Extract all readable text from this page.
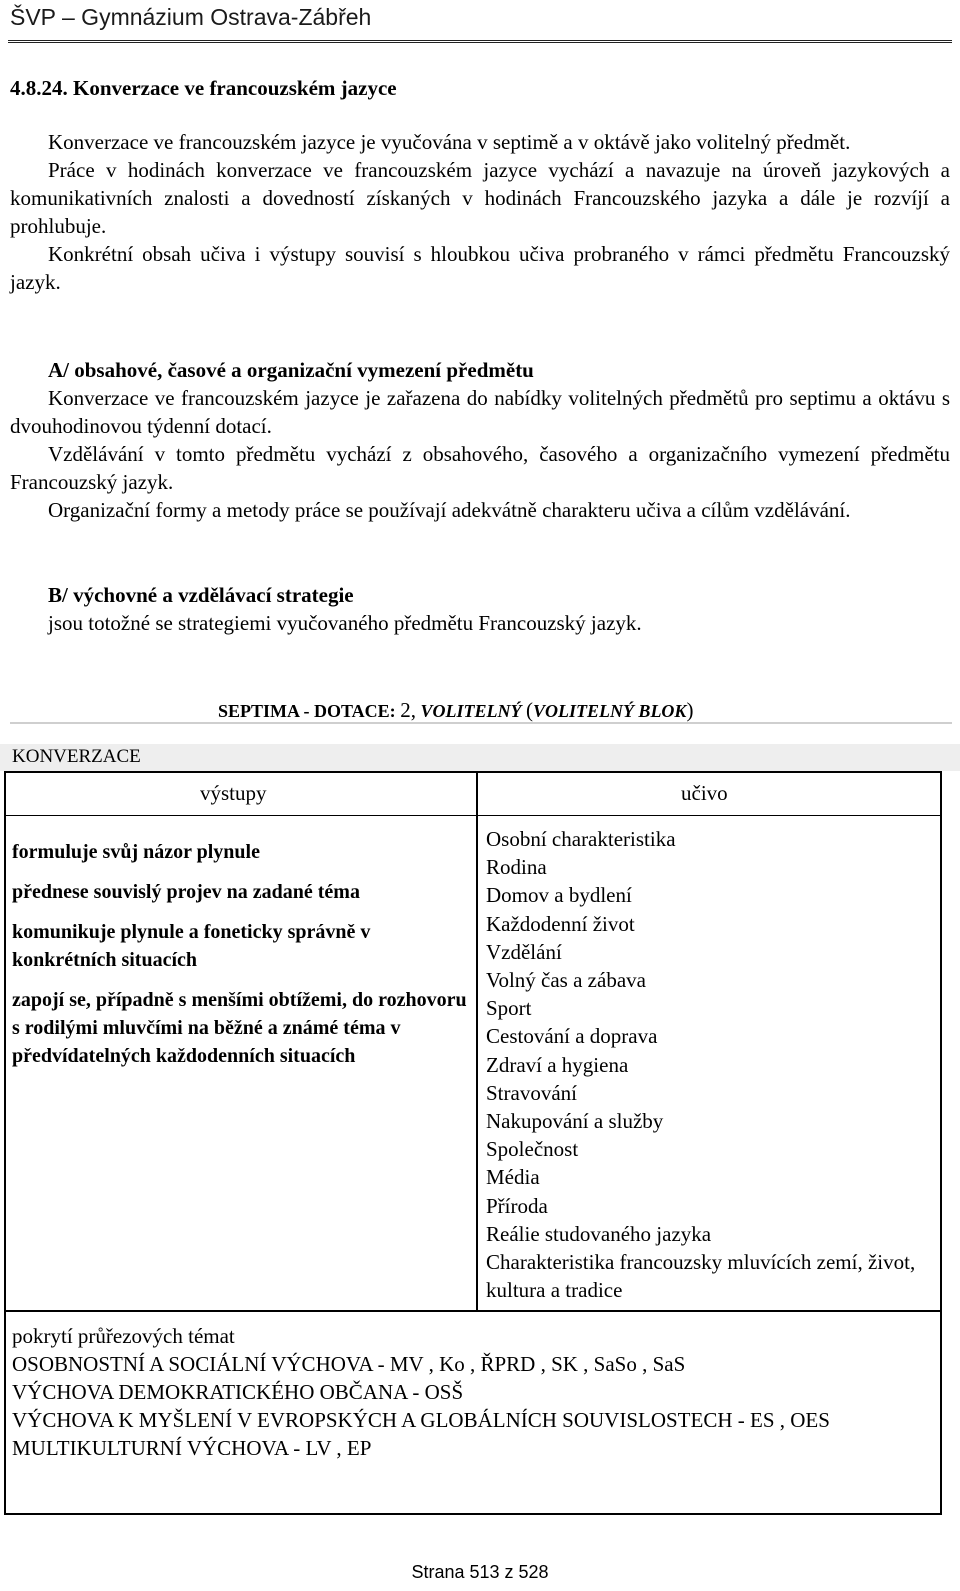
ŠVP – Gymnázium Ostrava-Zábřeh
4.8.24. Konverzace ve francouzském jazyce

Konverzace ve francouzském jazyce je vyučována v septimě a v oktávě jako volitelný předmět.

Práce v hodinách konverzace ve francouzském jazyce vychází a navazuje na úroveň jazykových a komunikativních znalosti a dovedností získaných v hodinách Francouzského jazyka a dále je rozvíjí a prohlubuje.

Konkrétní obsah učiva i výstupy souvisí s hloubkou učiva probraného v rámci předmětu Francouzský jazyk.

A/ obsahové, časové a organizační vymezení předmětu

Konverzace ve francouzském jazyce je zařazena do nabídky volitelných předmětů pro septimu a oktávu s dvouhodinovou týdenní dotací.

Vzdělávání v tomto předmětu vychází z obsahového, časového a organizačního vymezení předmětu Francouzský jazyk.

Organizační formy a metody práce se používají adekvátně charakteru učiva a cílům vzdělávání.

B/ výchovné a vzdělávací strategie

jsou totožné se strategiemi vyučovaného předmětu Francouzský jazyk.

SEPTIMA - DOTACE: 2, VOLITELNÝ (VOLITELNÝ BLOK)
KONVERZACE
výstupy	učivo
formuluje svůj názor plynule
přednese souvislý projev na zadané téma
komunikuje plynule a foneticky správně v konkrétních situacích
zapojí se, případně s menšími obtížemi, do rozhovoru s rodilými mluvčími na běžné a známé téma v předvídatelných každodenních situacích
Osobní charakteristika
Rodina
Domov a bydlení
Každodenní život
Vzdělání
Volný čas a zábava
Sport
Cestování a doprava
Zdraví a hygiena
Stravování
Nakupování a služby
Společnost
Média
Příroda
Reálie studovaného jazyka
Charakteristika francouzsky mluvících zemí, život, kultura a tradice
pokrytí průřezových témat
OSOBNOSTNÍ A SOCIÁLNÍ VÝCHOVA - MV , Ko , ŘPRD , SK , SaSo , SaS
VÝCHOVA DEMOKRATICKÉHO OBČANA - OSŠ
VÝCHOVA K MYŠLENÍ V EVROPSKÝCH A GLOBÁLNÍCH SOUVISLOSTECH - ES , OES
MULTIKULTURNÍ VÝCHOVA - LV , EP
Strana 513 z 528
